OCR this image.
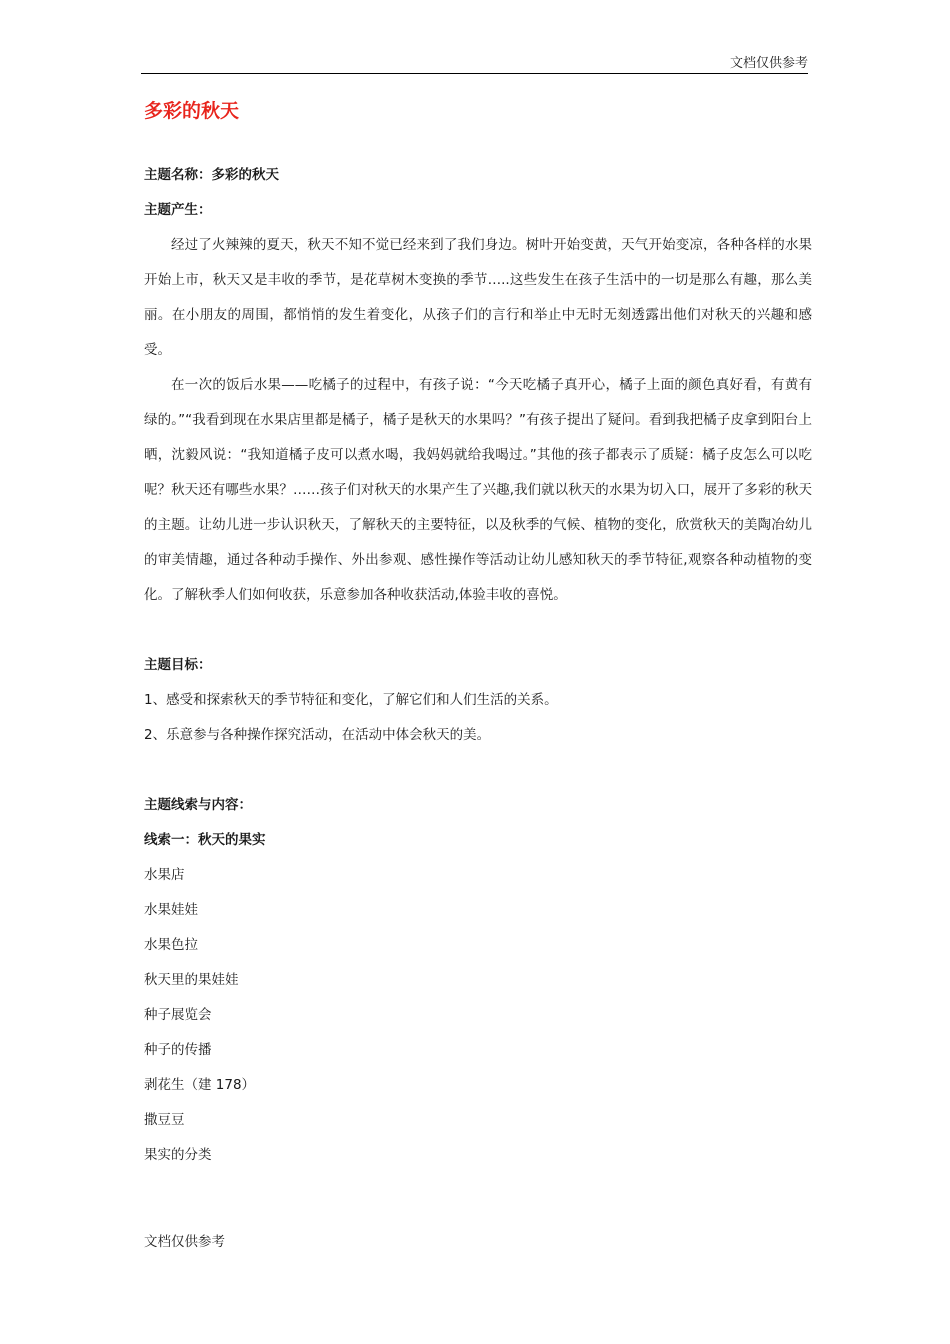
文档仅供参考
多彩的秋天

主题名称：多彩的秋天

主题产生：

经过了火辣辣的夏天，秋天不知不觉已经来到了我们身边。树叶开始变黄，天气开始变凉，各种各样的水果开始上市，秋天又是丰收的季节，是花草树木变换的季节…..这些发生在孩子生活中的一切是那么有趣，那么美丽。在小朋友的周围，都悄悄的发生着变化，从孩子们的言行和举止中无时无刻透露出他们对秋天的兴趣和感受。

在一次的饭后水果——吃橘子的过程中，有孩子说：“今天吃橘子真开心，橘子上面的颜色真好看，有黄有绿的。”“我看到现在水果店里都是橘子，橘子是秋天的水果吗？”有孩子提出了疑问。看到我把橘子皮拿到阳台上晒，沈毅风说：“我知道橘子皮可以煮水喝，我妈妈就给我喝过。”其他的孩子都表示了质疑：橘子皮怎么可以吃呢？秋天还有哪些水果？……孩子们对秋天的水果产生了兴趣,我们就以秋天的水果为切入口，展开了多彩的秋天的主题。让幼儿进一步认识秋天，了解秋天的主要特征，以及秋季的气候、植物的变化，欣赏秋天的美陶冶幼儿的审美情趣，通过各种动手操作、外出参观、感性操作等活动让幼儿感知秋天的季节特征,观察各种动植物的变化。了解秋季人们如何收获，乐意参加各种收获活动,体验丰收的喜悦。

主题目标：

1、感受和探索秋天的季节特征和变化，了解它们和人们生活的关系。

2、乐意参与各种操作探究活动，在活动中体会秋天的美。

主题线索与内容：

线索一：秋天的果实

水果店
水果娃娃
水果色拉
秋天里的果娃娃
种子展览会
种子的传播
剥花生（建 178）
撒豆豆
果实的分类
文档仅供参考
